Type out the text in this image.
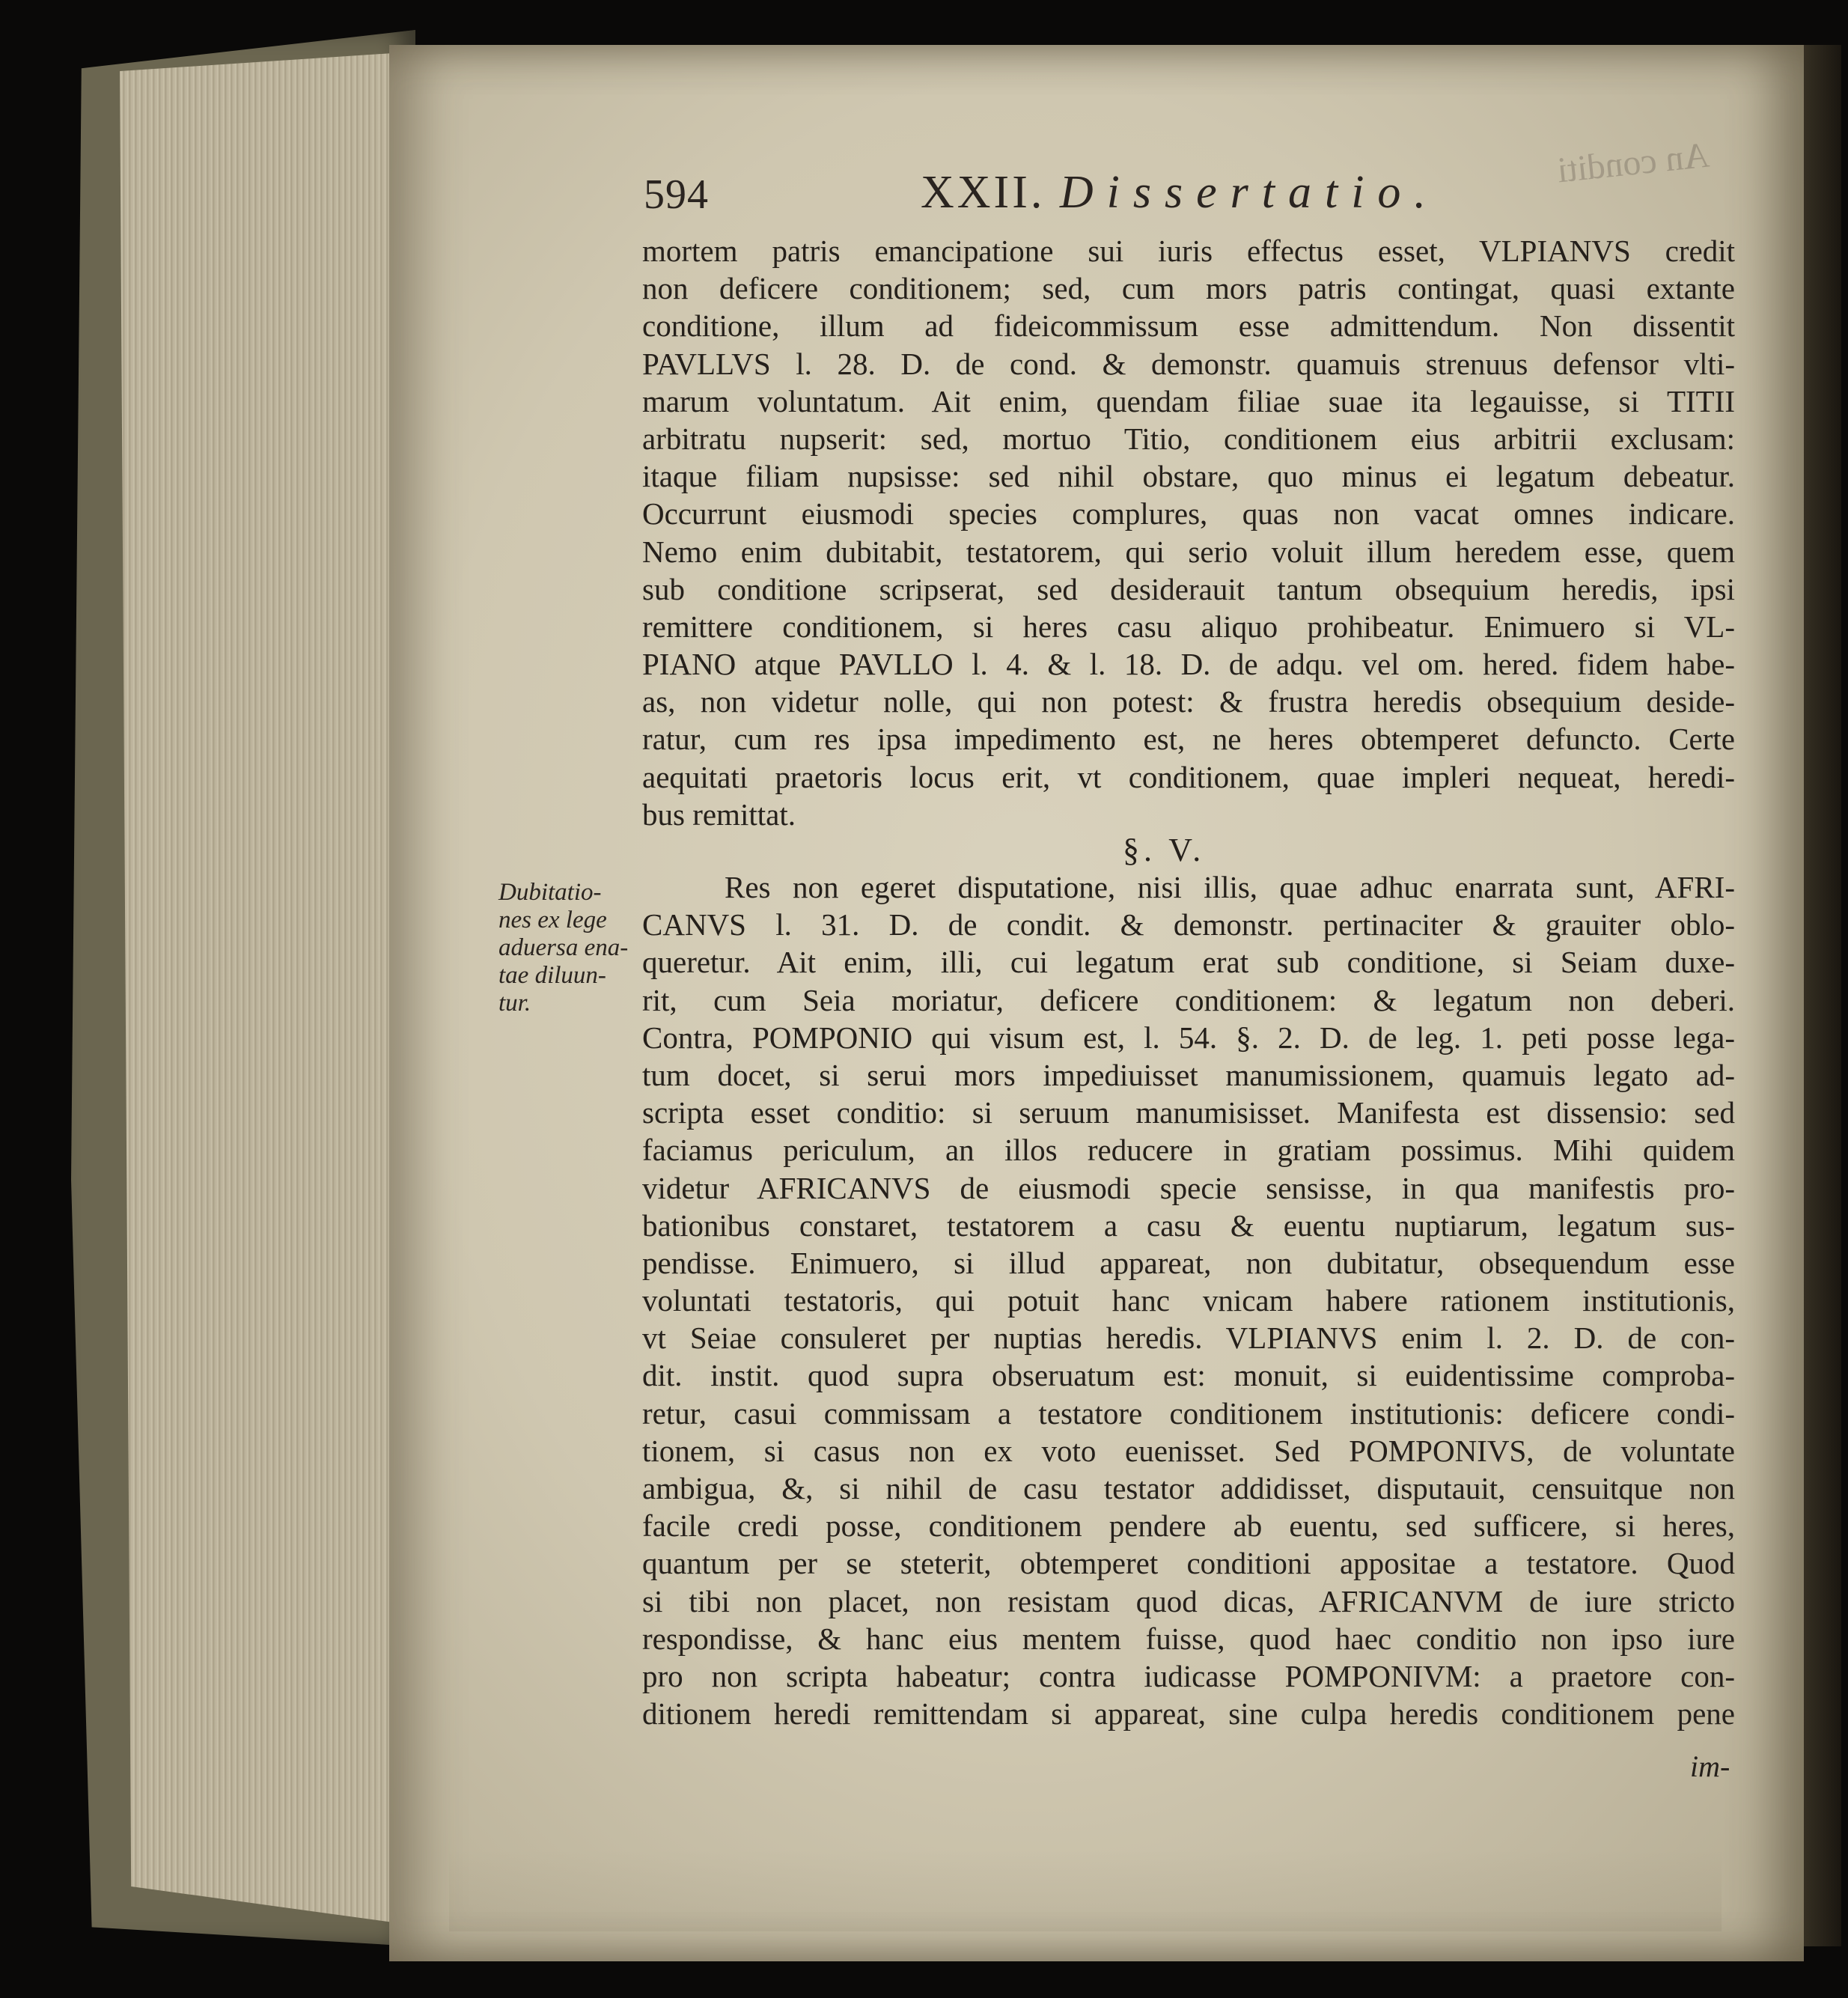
An conditi
594	XXII. Dissertatio.
mortem patris emancipatione sui iuris effectus esset, VLPIANVS credit
non deficere conditionem; sed, cum mors patris contingat, quasi extante
conditione, illum ad fideicommissum esse admittendum. Non dissentit
PAVLLVS l. 28. D. de cond. & demonstr. quamuis strenuus defensor vlti-
marum voluntatum. Ait enim, quendam filiae suae ita legauisse, si TITII
arbitratu nupserit: sed, mortuo Titio, conditionem eius arbitrii exclusam:
itaque filiam nupsisse: sed nihil obstare, quo minus ei legatum debeatur.
Occurrunt eiusmodi species complures, quas non vacat omnes indicare.
Nemo enim dubitabit, testatorem, qui serio voluit illum heredem esse, quem
sub conditione scripserat, sed desiderauit tantum obsequium heredis, ipsi
remittere conditionem, si heres casu aliquo prohibeatur. Enimuero si VL-
PIANO atque PAVLLO l. 4. & l. 18. D. de adqu. vel om. hered. fidem habe-
as, non videtur nolle, qui non potest: & frustra heredis obsequium deside-
ratur, cum res ipsa impedimento est, ne heres obtemperet defuncto. Certe
aequitati praetoris locus erit, vt conditionem, quae impleri nequeat, heredi-
bus remittat.
§. V.
Dubitatio-
nes ex lege
aduersa ena-
tae diluun-
tur.
Res non egeret disputatione, nisi illis, quae adhuc enarrata sunt, AFRI-
CANVS l. 31. D. de condit. & demonstr. pertinaciter & grauiter oblo-
queretur. Ait enim, illi, cui legatum erat sub conditione, si Seiam duxe-
rit, cum Seia moriatur, deficere conditionem: & legatum non deberi.
Contra, POMPONIO qui visum est, l. 54. §. 2. D. de leg. 1. peti posse lega-
tum docet, si serui mors impediuisset manumissionem, quamuis legato ad-
scripta esset conditio: si seruum manumisisset. Manifesta est dissensio: sed
faciamus periculum, an illos reducere in gratiam possimus. Mihi quidem
videtur AFRICANVS de eiusmodi specie sensisse, in qua manifestis pro-
bationibus constaret, testatorem a casu & euentu nuptiarum, legatum sus-
pendisse. Enimuero, si illud appareat, non dubitatur, obsequendum esse
voluntati testatoris, qui potuit hanc vnicam habere rationem institutionis,
vt Seiae consuleret per nuptias heredis. VLPIANVS enim l. 2. D. de con-
dit. instit. quod supra obseruatum est: monuit, si euidentissime comproba-
retur, casui commissam a testatore conditionem institutionis: deficere condi-
tionem, si casus non ex voto euenisset. Sed POMPONIVS, de voluntate
ambigua, &, si nihil de casu testator addidisset, disputauit, censuitque non
facile credi posse, conditionem pendere ab euentu, sed sufficere, si heres,
quantum per se steterit, obtemperet conditioni appositae a testatore. Quod
si tibi non placet, non resistam quod dicas, AFRICANVM de iure stricto
respondisse, & hanc eius mentem fuisse, quod haec conditio non ipso iure
pro non scripta habeatur; contra iudicasse POMPONIVM: a praetore con-
ditionem heredi remittendam si appareat, sine culpa heredis conditionem pene
im-
